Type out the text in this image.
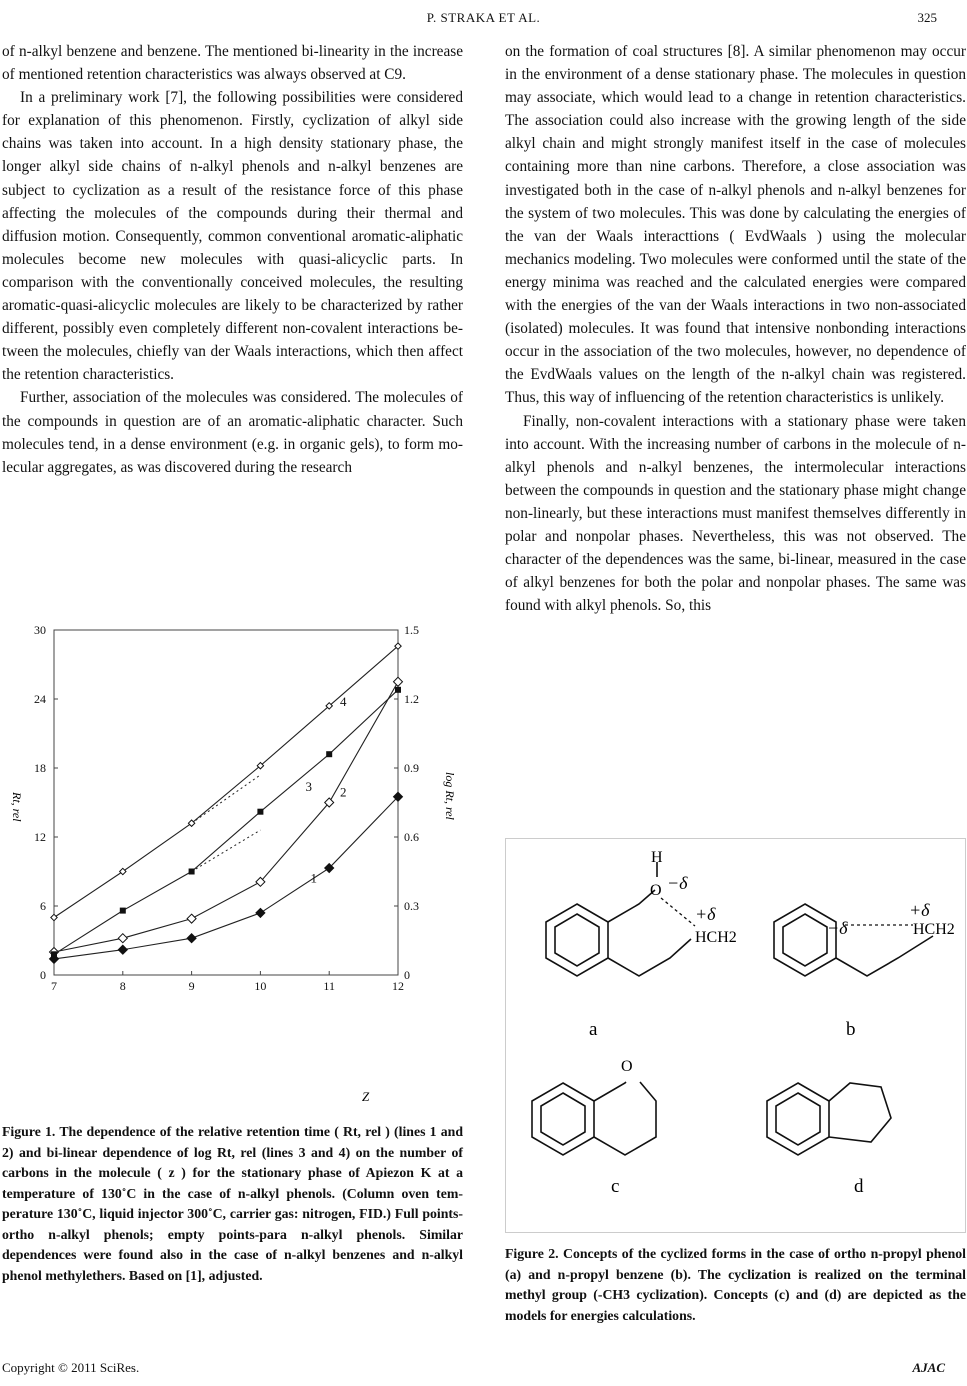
P. STRAKA ET AL.	325

of n-alkyl benzene and benzene. The mentioned bi-linearity in the increase of mentioned retention characteristics was always observed at C9.

In a preliminary work [7], the following possibilities were considered for explanation of this phenomenon. Firstly, cyclization of alkyl side chains was taken into account. In a high density stationary phase, the longer alkyl side chains of n-alkyl phenols and n-alkyl benzenes are subject to cyclization as a result of the resistance force of this phase affecting the molecules of the compounds during their thermal and diffusion motion. Consequently, common conventional aromatic-aliphatic molecules become new molecules with quasi-alicyclic parts. In comparison with the conventionally conceived molecules, the resulting aromatic-quasi-alicyclic molecules are likely to be characterized by rather different, possibly even completely different non-covalent interactions between the molecules, chiefly van der Waals interactions, which then affect the retention characteristics.

Further, association of the molecules was considered. The molecules of the compounds in question are of an aromatic-aliphatic character. Such molecules tend, in a dense environment (e.g. in organic gels), to form molecular aggregates, as was discovered during the research

on the formation of coal structures [8]. A similar phenomenon may occur in the environment of a dense stationary phase. The molecules in question may associate, which would lead to a change in retention characteristics. The association could also increase with the growing length of the side alkyl chain and might strongly manifest itself in the case of molecules containing more than nine carbons. Therefore, a close association was investigated both in the case of n-alkyl phenols and n-alkyl benzenes for the system of two molecules. This was done by calculating the energies of the van der Waals interacttions ( EvdWaals ) using the molecular mechanics modeling. Two molecules were conformed until the state of the energy minima was reached and the calculated energies were compared with the energies of the van der Waals interactions in two non-associated (isolated) molecules. It was found that intensive nonbonding interactions occur in the association of the two molecules, however, no dependence of the EvdWaals values on the length of the n-alkyl chain was registered. Thus, this way of influencing of the retention characteristics is unlikely.

Finally, non-covalent interactions with a stationary phase were taken into account. With the increasing number of carbons in the molecule of n-alkyl phenols and n-alkyl benzenes, the intermolecular interactions between the compounds in question and the stationary phase might change non-linearly, but these interactions must manifest themselves differently in polar and nonpolar phases. Nevertheless, this was not observed. The character of the dependences was the same, bi-linear, measured in the case of alkyl benzenes for both the polar and nonpolar phases. The same was found with alkyl phenols. So, this

7	8	9	10	11	12
0
6
12
18
24
30
0
0.3
0.6
0.9
1.2
1.5
1
2
3
4
Rt, rel	log Rt, rel
Z
Figure 1. The dependence of the relative retention time ( Rt, rel ) (lines 1 and 2) and bi-linear dependence of log Rt, rel (lines 3 and 4) on the number of carbons in the molecule ( z ) for the stationary phase of Apiezon K at a temperature of 130˚C in the case of n-alkyl phenols. (Column oven temperature 130˚C, liquid injector 300˚C, carrier gas: nitrogen, FID.) Full points-ortho n-alkyl phenols; empty points-para n-alkyl phenols. Similar dependences were found also in the case of n-alkyl benzenes and n-alkyl phenol methylethers. Based on [1], adjusted.
H
O −δ
+δ
HCH2	−δ
+δ
HCH2
a	b
O
c	d
Figure 2. Concepts of the cyclized forms in the case of ortho n-propyl phenol (a) and n-propyl benzene (b). The cyclization is realized on the terminal methyl group (-CH3 cyclization). Concepts (c) and (d) are depicted as the models for energies calculations.
Copyright © 2011 SciRes.	AJAC
